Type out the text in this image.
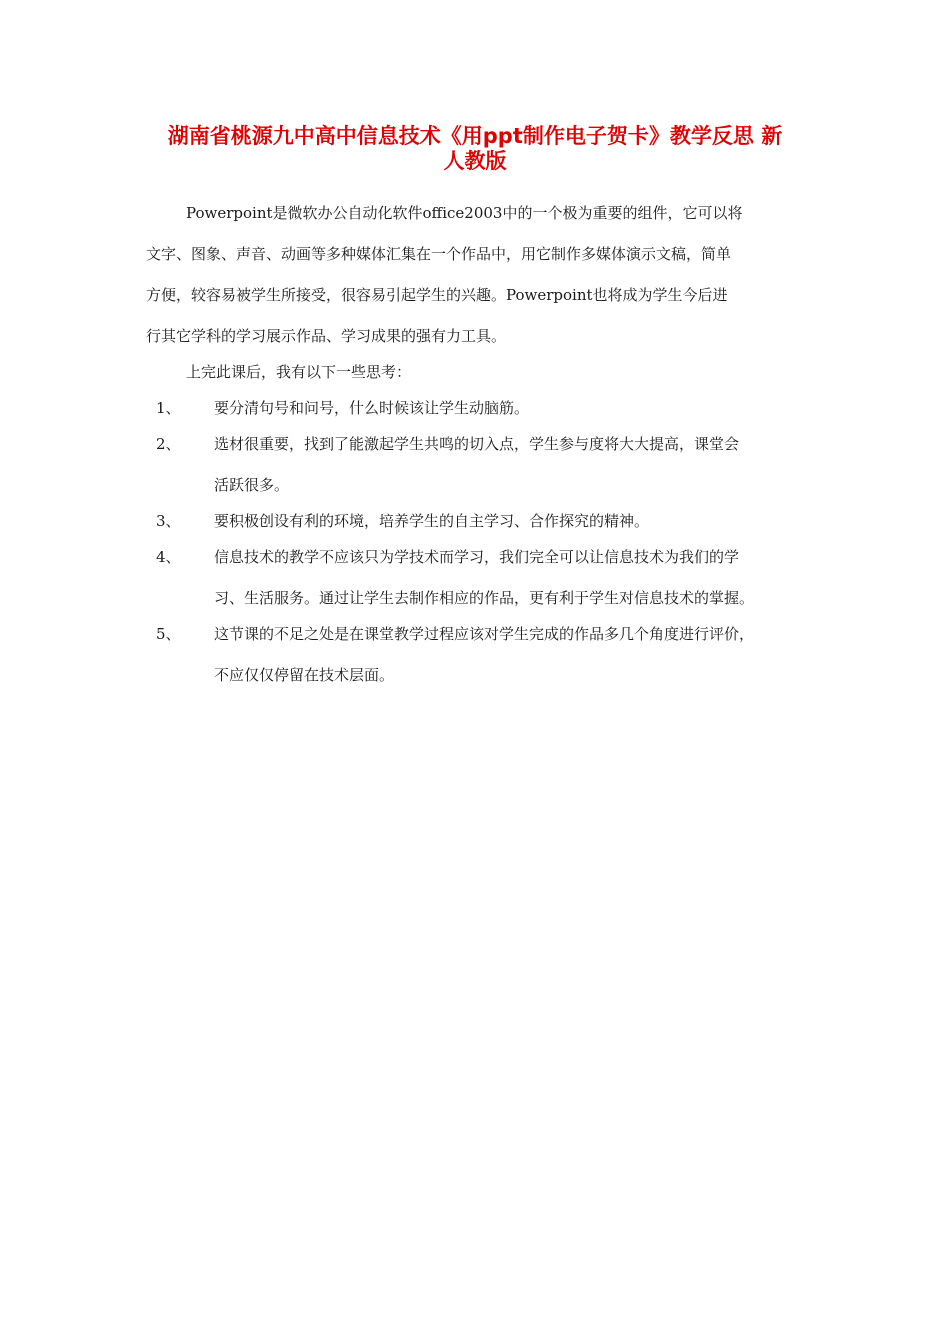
湖南省桃源九中高中信息技术《用ppt制作电子贺卡》教学反思 新
人教版
Powerpoint是微软办公自动化软件office2003中的一个极为重要的组件，它可以将
文字、图象、声音、动画等多种媒体汇集在一个作品中，用它制作多媒体演示文稿，简单
方便，较容易被学生所接受，很容易引起学生的兴趣。Powerpoint也将成为学生今后进
行其它学科的学习展示作品、学习成果的强有力工具。
上完此课后，我有以下一些思考：
1、 要分清句号和问号，什么时候该让学生动脑筋。
2、 选材很重要，找到了能激起学生共鸣的切入点，学生参与度将大大提高，课堂会
活跃很多。
3、 要积极创设有利的环境，培养学生的自主学习、合作探究的精神。
4、 信息技术的教学不应该只为学技术而学习，我们完全可以让信息技术为我们的学
习、生活服务。通过让学生去制作相应的作品，更有利于学生对信息技术的掌握。
5、 这节课的不足之处是在课堂教学过程应该对学生完成的作品多几个角度进行评价，
不应仅仅停留在技术层面。
